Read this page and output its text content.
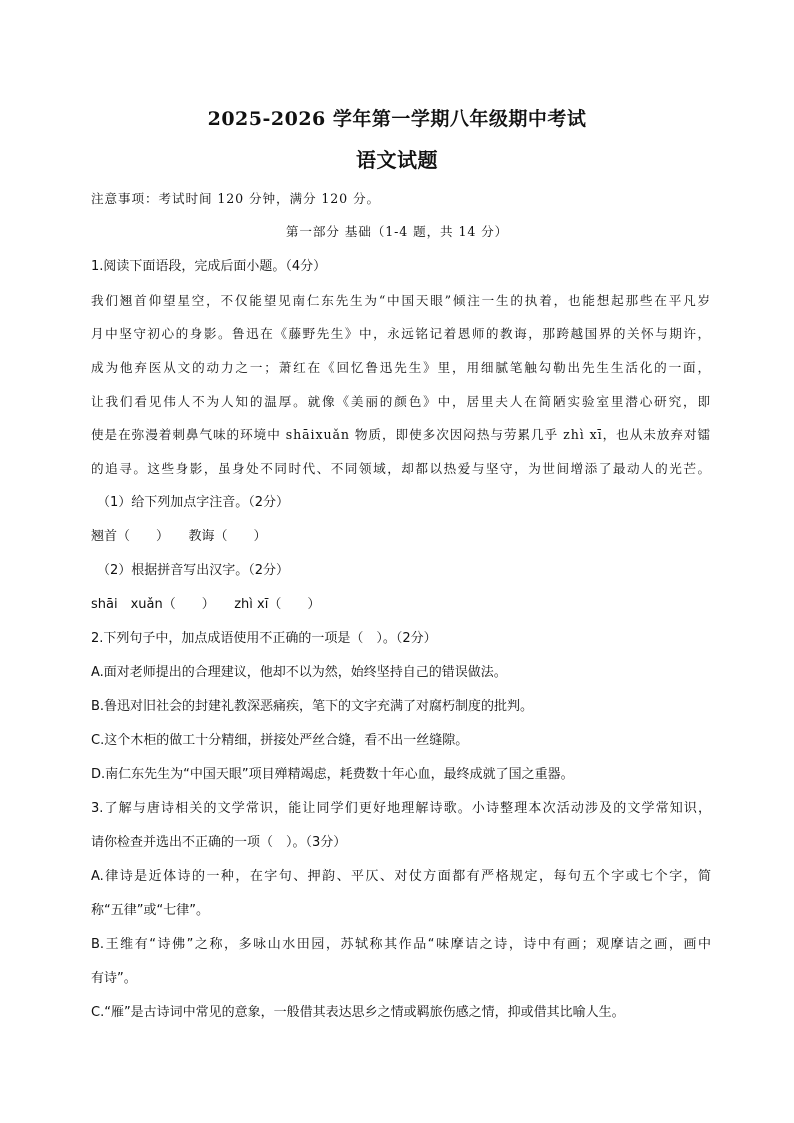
2025-2026 学年第一学期八年级期中考试
语文试题
注意事项：考试时间 120 分钟，满分 120 分。
第一部分 基础（1-4 题，共 14 分）
1.阅读下面语段，完成后面小题。（4分）
我们翘首仰望星空，不仅能望见南仁东先生为“中国天眼”倾注一生的执着，也能想起那些在平凡岁
月中坚守初心的身影。鲁迅在《藤野先生》中，永远铭记着恩师的教诲，那跨越国界的关怀与期许，
成为他弃医从文的动力之一；萧红在《回忆鲁迅先生》里，用细腻笔触勾勒出先生生活化的一面，
让我们看见伟人不为人知的温厚。就像《美丽的颜色》中，居里夫人在简陋实验室里潜心研究，即
使是在弥漫着刺鼻气味的环境中 shāixuǎn 物质，即使多次因闷热与劳累几乎 zhì xī，也从未放弃对镭
的追寻。这些身影，虽身处不同时代、不同领域，却都以热爱与坚守，为世间增添了最动人的光芒。
（1）给下列加点字注音。（2分）
翘首（　　）　　教诲（　　）
（2）根据拼音写出汉字。（2分）
shāi　xuǎn（　　）　　zhì xī（　　）
2.下列句子中，加点成语使用不正确的一项是（　）。（2分）
A.面对老师提出的合理建议，他却不以为然，始终坚持自己的错误做法。
B.鲁迅对旧社会的封建礼教深恶痛疾，笔下的文字充满了对腐朽制度的批判。
C.这个木柜的做工十分精细，拼接处严丝合缝，看不出一丝缝隙。
D.南仁东先生为“中国天眼”项目殚精竭虑，耗费数十年心血，最终成就了国之重器。
3.了解与唐诗相关的文学常识，能让同学们更好地理解诗歌。小诗整理本次活动涉及的文学常知识，
请你检查并选出不正确的一项（　）。（3分）
A.律诗是近体诗的一种，在字句、押韵、平仄、对仗方面都有严格规定，每句五个字或七个字，简
称“五律”或“七律”。
B.王维有“诗佛”之称，多咏山水田园，苏轼称其作品“味摩诘之诗，诗中有画；观摩诘之画，画中
有诗”。
C.“雁”是古诗词中常见的意象，一般借其表达思乡之情或羁旅伤感之情，抑或借其比喻人生。
